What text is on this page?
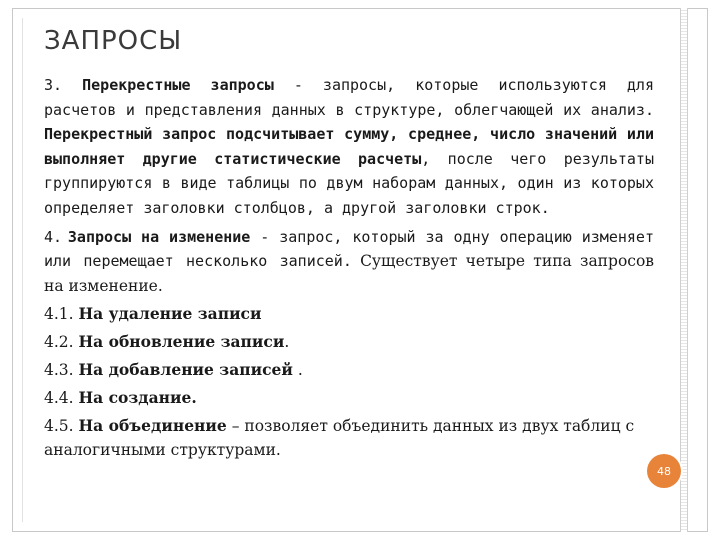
ЗАПРОСЫ

3. Перекрестные запросы - запросы, которые используются для расчетов и представления данных в структуре, облегчающей их анализ. Перекрестный запрос подсчитывает сумму, среднее, число значений или выполняет другие статистические расчеты, после чего результаты группируются в виде таблицы по двум наборам данных, один из которых определяет заголовки столбцов, а другой заголовки строк.

4. Запросы на изменение - запрос, который за одну операцию изменяет или перемещает несколько записей. Существует четыре типа запросов на изменение.

4.1. На удаление записи

4.2. На обновление записи.

4.3. На добавление записей .

4.4. На создание.

4.5. На объединение – позволяет объединить данных из двух таблиц с аналогичными структурами.

48
